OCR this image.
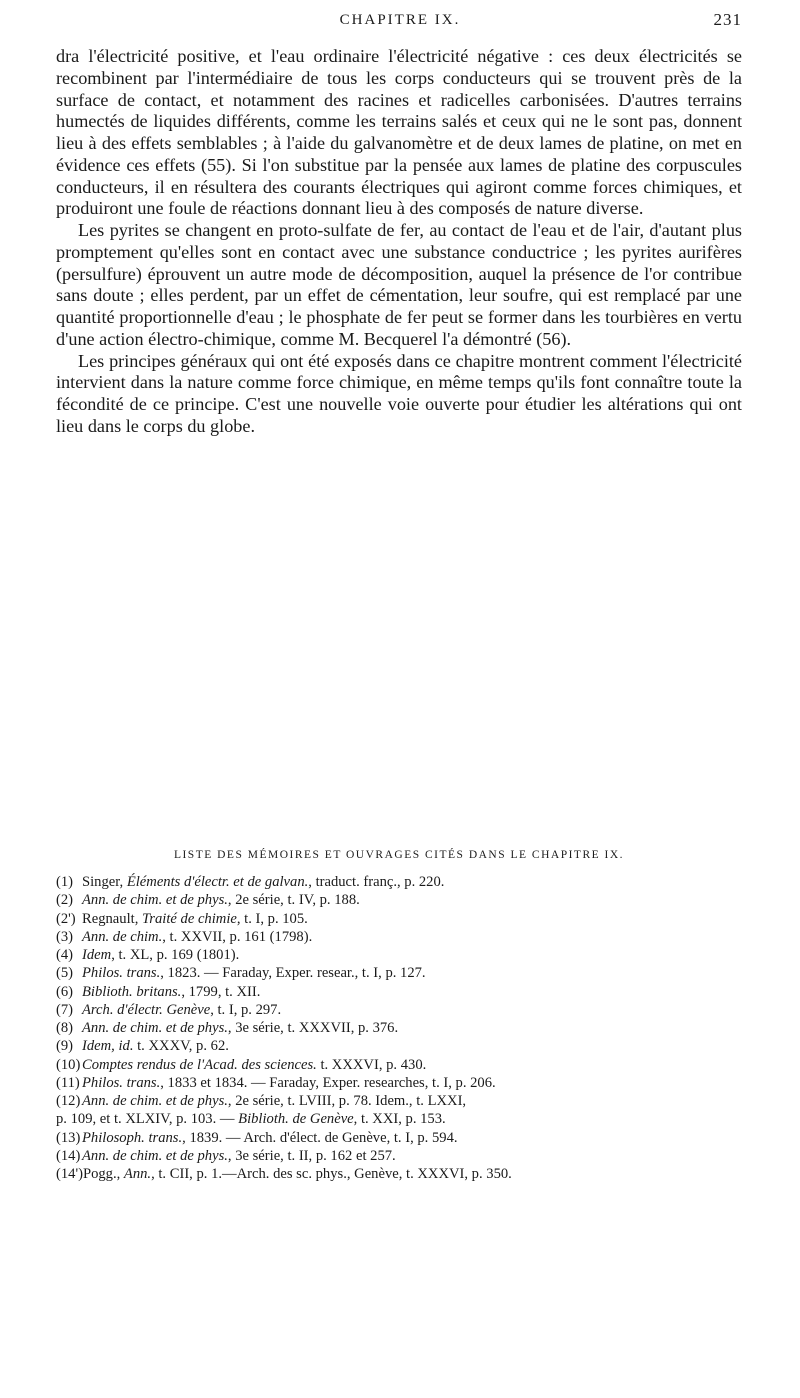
CHAPITRE IX.	231

dra l'électricité positive, et l'eau ordinaire l'électricité négative : ces deux électricités se recombinent par l'intermédiaire de tous les corps conducteurs qui se trouvent près de la surface de contact, et notamment des racines et radicelles carbonisées. D'autres terrains humectés de liquides différents, comme les terrains salés et ceux qui ne le sont pas, donnent lieu à des effets semblables ; à l'aide du galvanomètre et de deux lames de platine, on met en évidence ces effets (55). Si l'on substitue par la pensée aux lames de platine des corpuscules conducteurs, il en résultera des courants électriques qui agiront comme forces chimiques, et produiront une foule de réactions donnant lieu à des composés de nature diverse.

Les pyrites se changent en proto-sulfate de fer, au contact de l'eau et de l'air, d'autant plus promptement qu'elles sont en contact avec une substance conductrice ; les pyrites aurifères (persulfure) éprouvent un autre mode de décomposition, auquel la présence de l'or contribue sans doute ; elles perdent, par un effet de cémentation, leur soufre, qui est remplacé par une quantité proportionnelle d'eau ; le phosphate de fer peut se former dans les tourbières en vertu d'une action électro-chimique, comme M. Becquerel l'a démontré (56).

Les principes généraux qui ont été exposés dans ce chapitre montrent comment l'électricité intervient dans la nature comme force chimique, en même temps qu'ils font connaître toute la fécondité de ce principe. C'est une nouvelle voie ouverte pour étudier les altérations qui ont lieu dans le corps du globe.

LISTE DES MÉMOIRES ET OUVRAGES CITÉS DANS LE CHAPITRE IX.
(1) Singer, Éléments d'électr. et de galvan., traduct. franç., p. 220.
(2) Ann. de chim. et de phys., 2e série, t. IV, p. 188.
(2') Regnault, Traité de chimie, t. I, p. 105.
(3) Ann. de chim., t. XXVII, p. 161 (1798).
(4) Idem, t. XL, p. 169 (1801).
(5) Philos. trans., 1823. — Faraday, Exper. resear., t. I, p. 127.
(6) Biblioth. britans., 1799, t. XII.
(7) Arch. d'électr. Genève, t. I, p. 297.
(8) Ann. de chim. et de phys., 3e série, t. XXXVII, p. 376.
(9) Idem, id. t. XXXV, p. 62.
(10) Comptes rendus de l'Acad. des sciences. t. XXXVI, p. 430.
(11) Philos. trans., 1833 et 1834. — Faraday, Exper. researches, t. I, p. 206.
(12) Ann. de chim. et de phys., 2e série, t. LVIII, p. 78. Idem., t. LXXI,
p. 109, et t. XLXIV, p. 103. — Biblioth. de Genève, t. XXI, p. 153.
(13) Philosoph. trans., 1839. — Arch. d'élect. de Genève, t. I, p. 594.
(14) Ann. de chim. et de phys., 3e série, t. II, p. 162 et 257.
(14')Pogg., Ann., t. CII, p. 1.—Arch. des sc. phys., Genève, t. XXXVI, p. 350.
